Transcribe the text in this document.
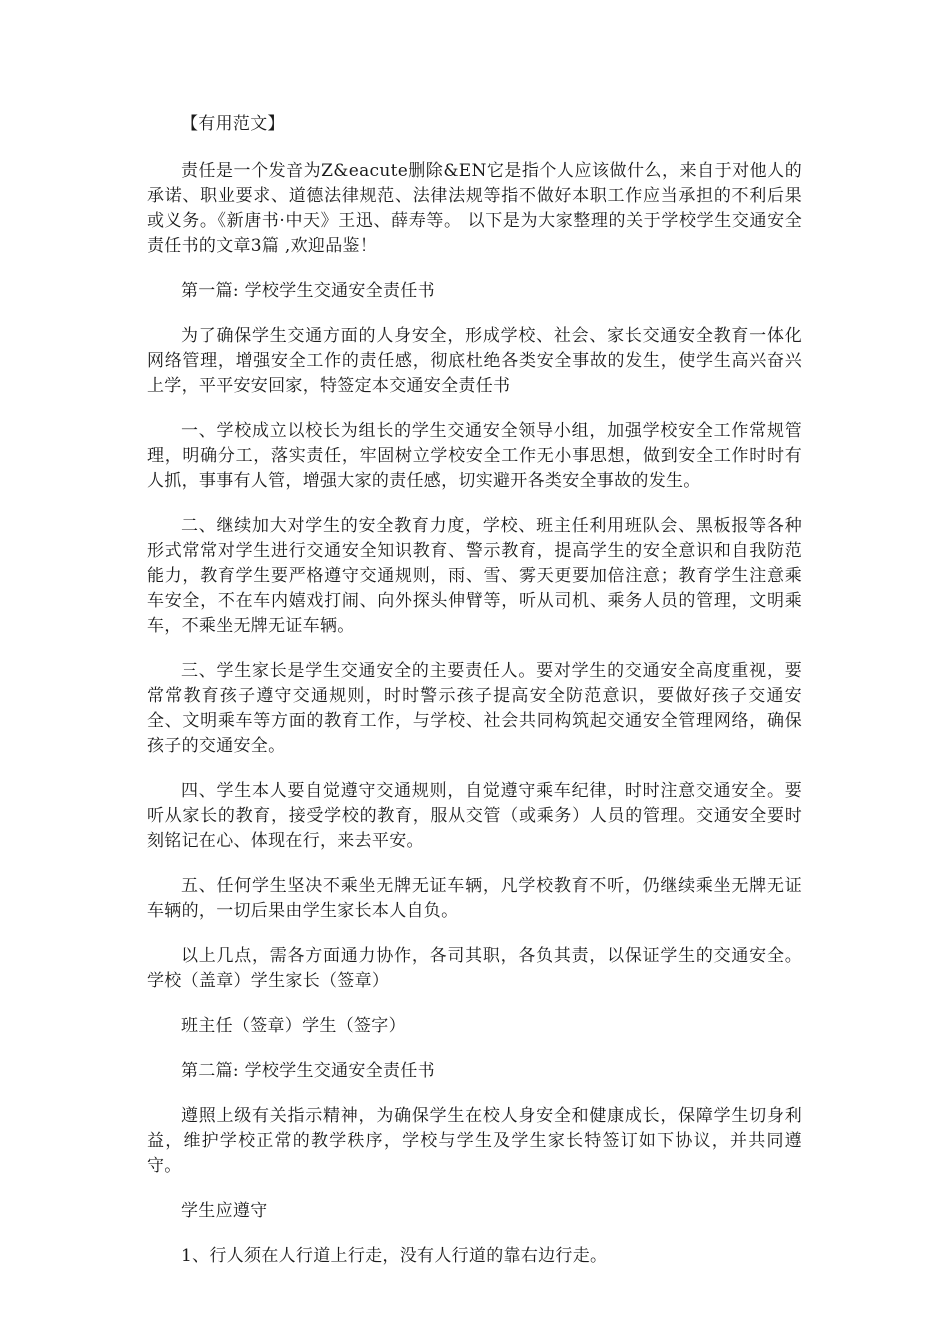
【有用范文】

责任是一个发音为Z&eacute删除&EN它是指个人应该做什么，来自于对他人的承诺、职业要求、道德法律规范、法律法规等指不做好本职工作应当承担的不利后果或义务。《新唐书·中天》王迅、薛寿等。 以下是为大家整理的关于学校学生交通安全责任书的文章3篇 ,欢迎品鉴！

第一篇: 学校学生交通安全责任书

为了确保学生交通方面的人身安全，形成学校、社会、家长交通安全教育一体化网络管理，增强安全工作的责任感，彻底杜绝各类安全事故的发生，使学生高兴奋兴上学，平平安安回家，特签定本交通安全责任书

一、学校成立以校长为组长的学生交通安全领导小组，加强学校安全工作常规管理，明确分工，落实责任，牢固树立学校安全工作无小事思想，做到安全工作时时有人抓，事事有人管，增强大家的责任感，切实避开各类安全事故的发生。

二、继续加大对学生的安全教育力度，学校、班主任利用班队会、黑板报等各种形式常常对学生进行交通安全知识教育、警示教育，提高学生的安全意识和自我防范能力，教育学生要严格遵守交通规则，雨、雪、雾天更要加倍注意；教育学生注意乘车安全，不在车内嬉戏打闹、向外探头伸臂等，听从司机、乘务人员的管理，文明乘车，不乘坐无牌无证车辆。

三、学生家长是学生交通安全的主要责任人。要对学生的交通安全高度重视，要常常教育孩子遵守交通规则，时时警示孩子提高安全防范意识，要做好孩子交通安全、文明乘车等方面的教育工作，与学校、社会共同构筑起交通安全管理网络，确保孩子的交通安全。

四、学生本人要自觉遵守交通规则，自觉遵守乘车纪律，时时注意交通安全。要听从家长的教育，接受学校的教育，服从交管（或乘务）人员的管理。交通安全要时刻铭记在心、体现在行，来去平安。

五、任何学生坚决不乘坐无牌无证车辆，凡学校教育不听，仍继续乘坐无牌无证车辆的，一切后果由学生家长本人自负。

以上几点，需各方面通力协作，各司其职，各负其责，以保证学生的交通安全。学校（盖章）学生家长（签章）

班主任（签章）学生（签字）

第二篇: 学校学生交通安全责任书

遵照上级有关指示精神，为确保学生在校人身安全和健康成长，保障学生切身利益，维护学校正常的教学秩序，学校与学生及学生家长特签订如下协议，并共同遵守。

学生应遵守

1、行人须在人行道上行走，没有人行道的靠右边行走。
